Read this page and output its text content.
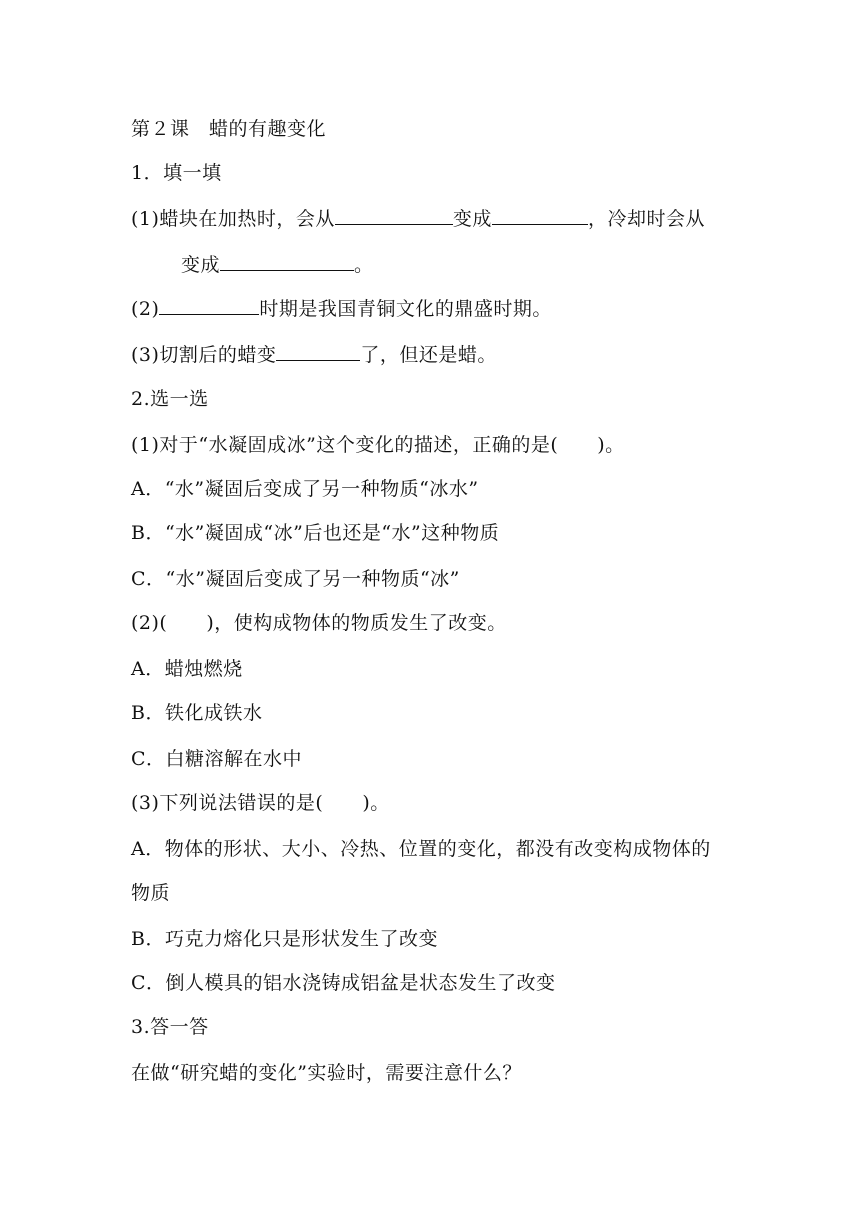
第２课　蜡的有趣变化
1．填一填
(1)蜡块在加热时，会从	变成	，冷却时会从
变成	。
(2)	时期是我国青铜文化的鼎盛时期。
(3)切割后的蜡变	了，但还是蜡。
2.选一选
(1)对于“水凝固成冰”这个变化的描述，正确的是(　　)。
A．“水”凝固后变成了另一种物质“冰水”
B．“水”凝固成“冰”后也还是“水”这种物质
C．“水”凝固后变成了另一种物质“冰”
(2)(　　)，使构成物体的物质发生了改变。
A．蜡烛燃烧
B．铁化成铁水
C．白糖溶解在水中
(3)下列说法错误的是(　　)。
A．物体的形状、大小、冷热、位置的变化，都没有改变构成物体的
物质
B．巧克力熔化只是形状发生了改变
C．倒人模具的铝水浇铸成铝盆是状态发生了改变
3.答一答
在做“研究蜡的变化”实验时，需要注意什么？
